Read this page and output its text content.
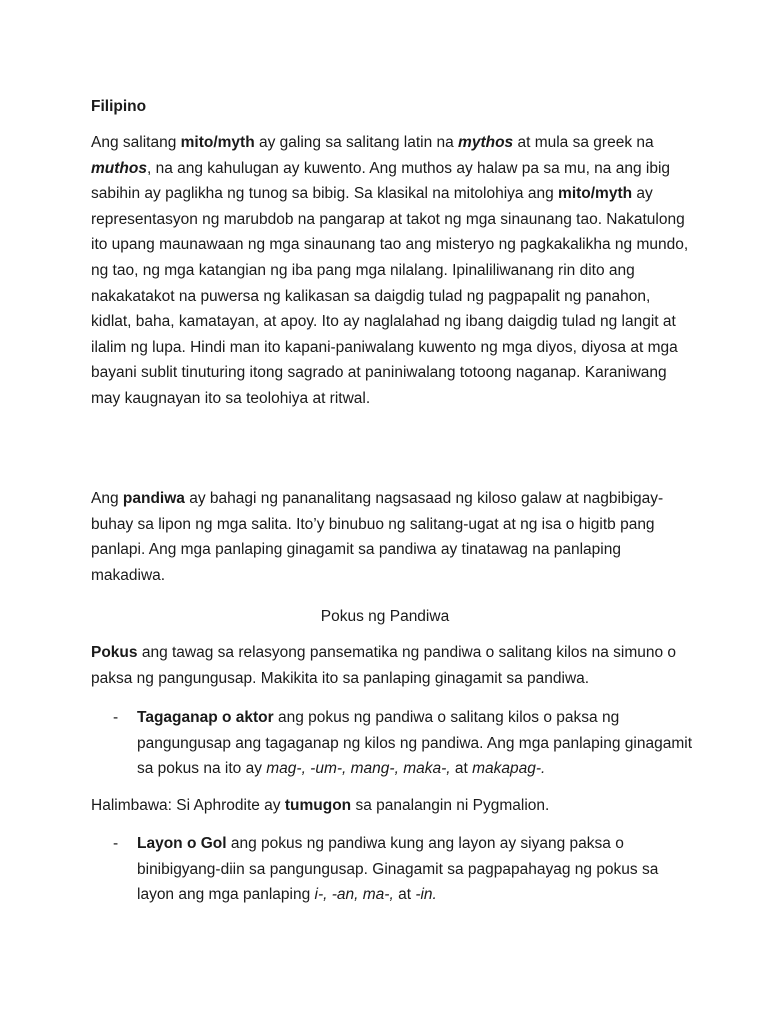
Filipino

Ang salitang mito/myth ay galing sa salitang latin na mythos at mula sa greek na muthos, na ang kahulugan ay kuwento. Ang muthos ay halaw pa sa mu, na ang ibig sabihin ay paglikha ng tunog sa bibig. Sa klasikal na mitolohiya ang mito/myth ay representasyon ng marubdob na pangarap at takot ng mga sinaunang tao. Nakatulong ito upang maunawaan ng mga sinaunang tao ang misteryo ng pagkakalikha ng mundo, ng tao, ng mga katangian ng iba pang mga nilalang. Ipinaliliwanang rin dito ang nakakatakot na puwersa ng kalikasan sa daigdig tulad ng pagpapalit ng panahon, kidlat, baha, kamatayan, at apoy. Ito ay naglalahad ng ibang daigdig tulad ng langit at ilalim ng lupa. Hindi man ito kapani-paniwalang kuwento ng mga diyos, diyosa at mga bayani sublit tinuturing itong sagrado at paniniwalang totoong naganap. Karaniwang may kaugnayan ito sa teolohiya at ritwal.

Ang pandiwa ay bahagi ng pananalitang nagsasaad ng kiloso galaw at nagbibigay-buhay sa lipon ng mga salita. Ito’y binubuo ng salitang-ugat at ng isa o higitb pang panlapi. Ang mga panlaping ginagamit sa pandiwa ay tinatawag na panlaping makadiwa.

Pokus ng Pandiwa

Pokus ang tawag sa relasyong pansematika ng pandiwa o salitang kilos na simuno o paksa ng pangungusap. Makikita ito sa panlaping ginagamit sa pandiwa.

-	Tagaganap o aktor ang pokus ng pandiwa o salitang kilos o paksa ng pangungusap ang tagaganap ng kilos ng pandiwa. Ang mga panlaping ginagamit sa pokus na ito ay mag-, -um-, mang-, maka-, at makapag-.

Halimbawa: Si Aphrodite ay tumugon sa panalangin ni Pygmalion.

-	Layon o Gol ang pokus ng pandiwa kung ang layon ay siyang paksa o binibigyang-diin sa pangungusap. Ginagamit sa pagpapahayag ng pokus sa layon ang mga panlaping i-, -an, ma-, at -in.
